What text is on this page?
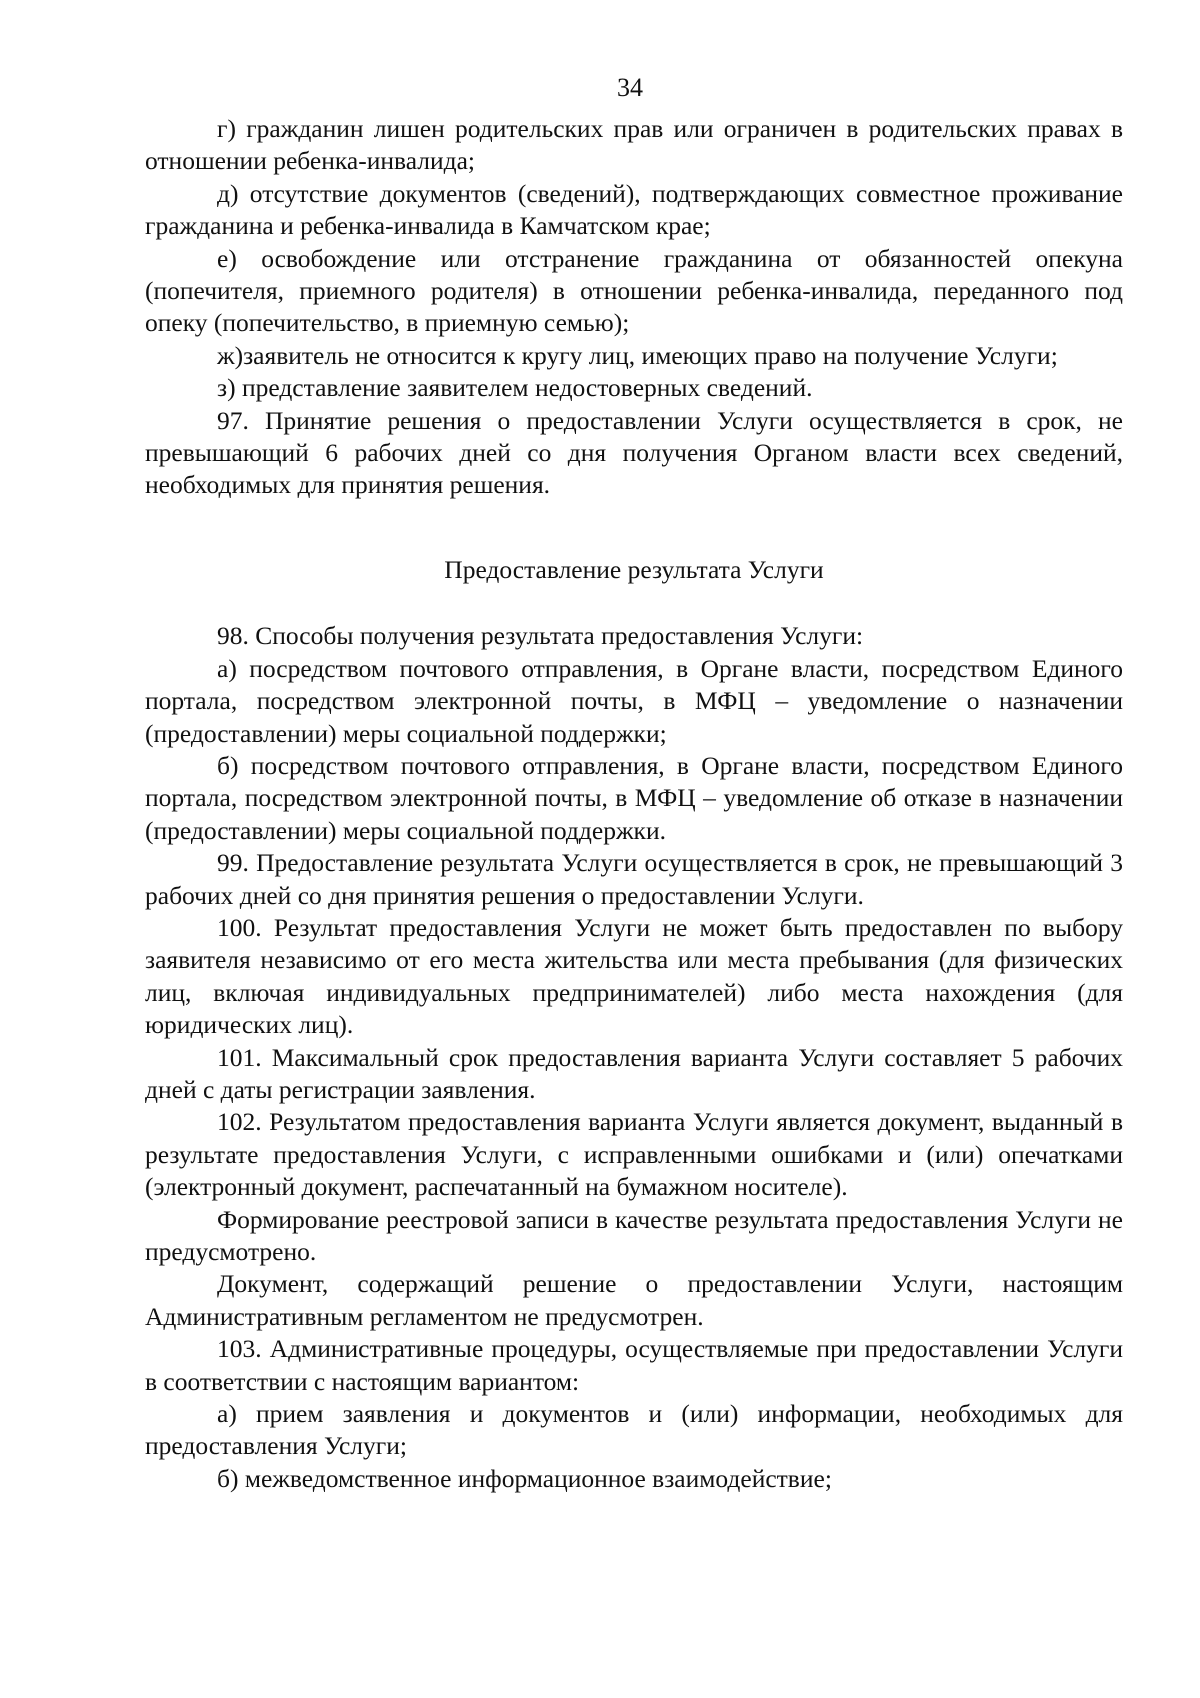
34

г) гражданин лишен родительских прав или ограничен в родительских правах в отношении ребенка-инвалида;

д) отсутствие документов (сведений), подтверждающих совместное проживание гражданина и ребенка-инвалида в Камчатском крае;

е) освобождение или отстранение гражданина от обязанностей опекуна (попечителя, приемного родителя) в отношении ребенка-инвалида, переданного под опеку (попечительство, в приемную семью);

ж)заявитель не относится к кругу лиц, имеющих право на получение Услуги;

з) представление заявителем недостоверных сведений.

97. Принятие решения о предоставлении Услуги осуществляется в срок, не превышающий 6 рабочих дней со дня получения Органом власти всех сведений, необходимых для принятия решения.

Предоставление результата Услуги

98. Способы получения результата предоставления Услуги:

а) посредством почтового отправления, в Органе власти, посредством Единого портала, посредством электронной почты, в МФЦ – уведомление о назначении (предоставлении) меры социальной поддержки;

б) посредством почтового отправления, в Органе власти, посредством Единого портала, посредством электронной почты, в МФЦ – уведомление об отказе в назначении (предоставлении) меры социальной поддержки.

99. Предоставление результата Услуги осуществляется в срок, не превышающий 3 рабочих дней со дня принятия решения о предоставлении Услуги.

100. Результат предоставления Услуги не может быть предоставлен по выбору заявителя независимо от его места жительства или места пребывания (для физических лиц, включая индивидуальных предпринимателей) либо места нахождения (для юридических лиц).

101. Максимальный срок предоставления варианта Услуги составляет 5 рабочих дней с даты регистрации заявления.

102. Результатом предоставления варианта Услуги является документ, выданный в результате предоставления Услуги, с исправленными ошибками и (или) опечатками (электронный документ, распечатанный на бумажном носителе).

Формирование реестровой записи в качестве результата предоставления Услуги не предусмотрено.

Документ, содержащий решение о предоставлении Услуги, настоящим Административным регламентом не предусмотрен.

103. Административные процедуры, осуществляемые при предоставлении Услуги в соответствии с настоящим вариантом:

а) прием заявления и документов и (или) информации, необходимых для предоставления Услуги;

б) межведомственное информационное взаимодействие;
